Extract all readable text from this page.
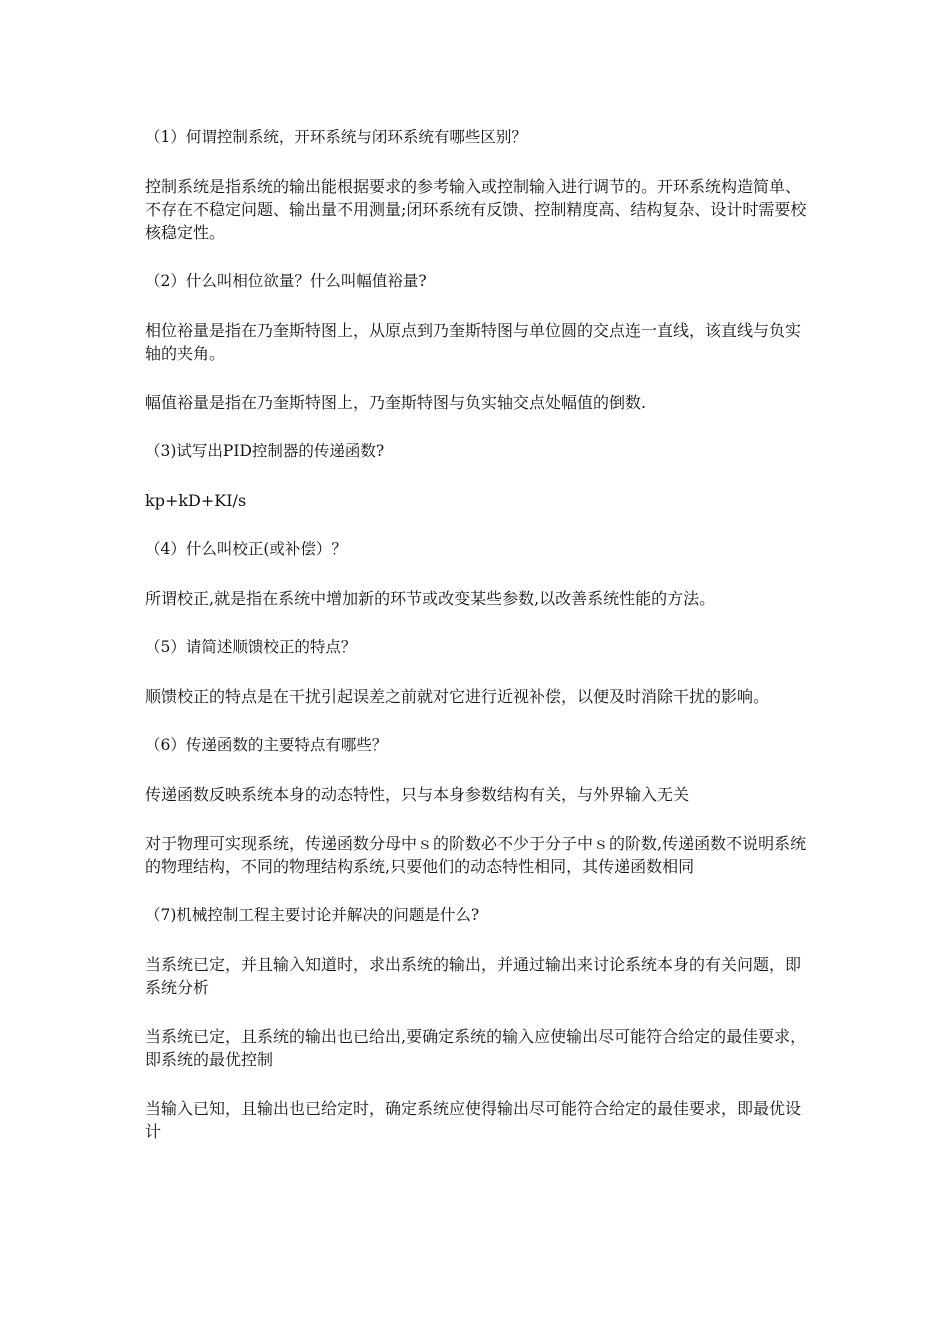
（1）何谓控制系统，开环系统与闭环系统有哪些区别？

控制系统是指系统的输出能根据要求的参考输入或控制输入进行调节的。开环系统构造简单、不存在不稳定问题、输出量不用测量;闭环系统有反馈、控制精度高、结构复杂、设计时需要校核稳定性。

（2）什么叫相位欲量？什么叫幅值裕量?

相位裕量是指在乃奎斯特图上，从原点到乃奎斯特图与单位圆的交点连一直线，该直线与负实轴的夹角。

幅值裕量是指在乃奎斯特图上，乃奎斯特图与负实轴交点处幅值的倒数.

（3)试写出PID控制器的传递函数?

kp+kD+KI/s

（4）什么叫校正(或补偿）？

所谓校正,就是指在系统中增加新的环节或改变某些参数,以改善系统性能的方法。

（5）请简述顺馈校正的特点？

顺馈校正的特点是在干扰引起误差之前就对它进行近视补偿，以便及时消除干扰的影响。

（6）传递函数的主要特点有哪些？

传递函数反映系统本身的动态特性，只与本身参数结构有关，与外界输入无关

对于物理可实现系统，传递函数分母中ｓ的阶数必不少于分子中ｓ的阶数,传递函数不说明系统的物理结构，不同的物理结构系统,只要他们的动态特性相同，其传递函数相同

（7)机械控制工程主要讨论并解决的问题是什么?

当系统已定，并且输入知道时，求出系统的输出，并通过输出来讨论系统本身的有关问题，即系统分析

当系统已定，且系统的输出也已给出,要确定系统的输入应使输出尽可能符合给定的最佳要求，即系统的最优控制

当输入已知，且输出也已给定时，确定系统应使得输出尽可能符合给定的最佳要求，即最优设计
